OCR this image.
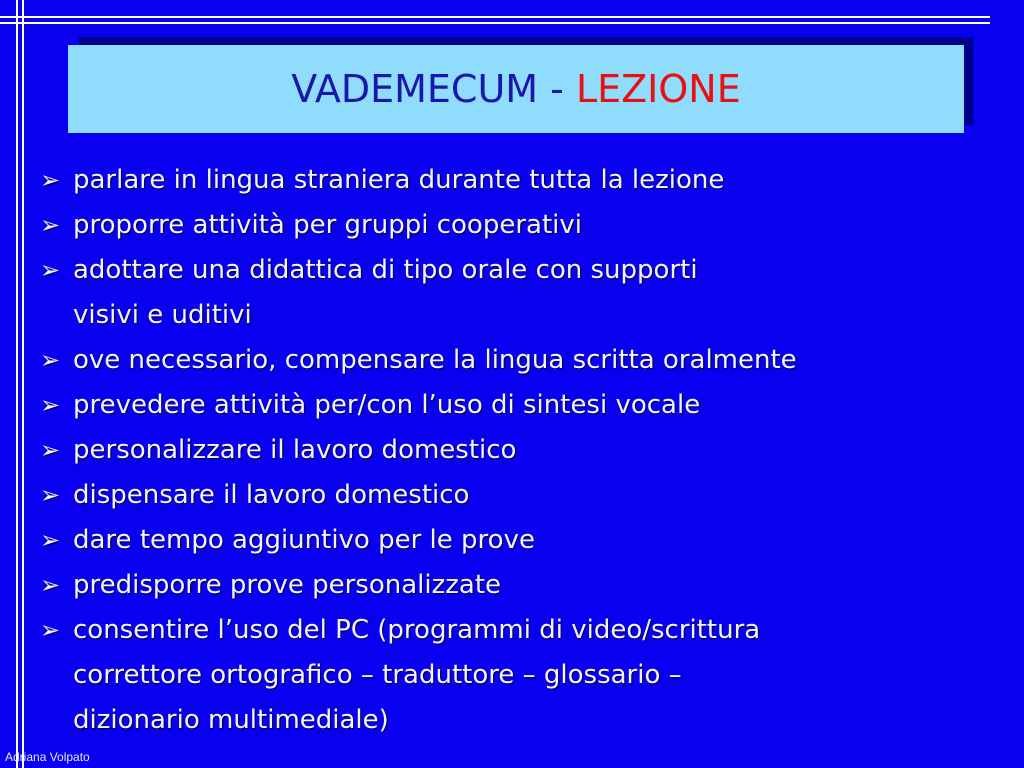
VADEMECUM - LEZIONE
➢ parlare in lingua straniera durante tutta la lezione
➢ proporre attività per gruppi cooperativi
➢ adottare una didattica di tipo orale con supporti
visivi e uditivi
➢ ove necessario, compensare la lingua scritta oralmente
➢ prevedere attività per/con l’uso di sintesi vocale
➢ personalizzare il lavoro domestico
➢ dispensare il lavoro domestico
➢ dare tempo aggiuntivo per le prove
➢ predisporre prove personalizzate
➢ consentire l’uso del PC (programmi di video/scrittura
correttore ortografico – traduttore – glossario –
dizionario multimediale)
Adriana Volpato
